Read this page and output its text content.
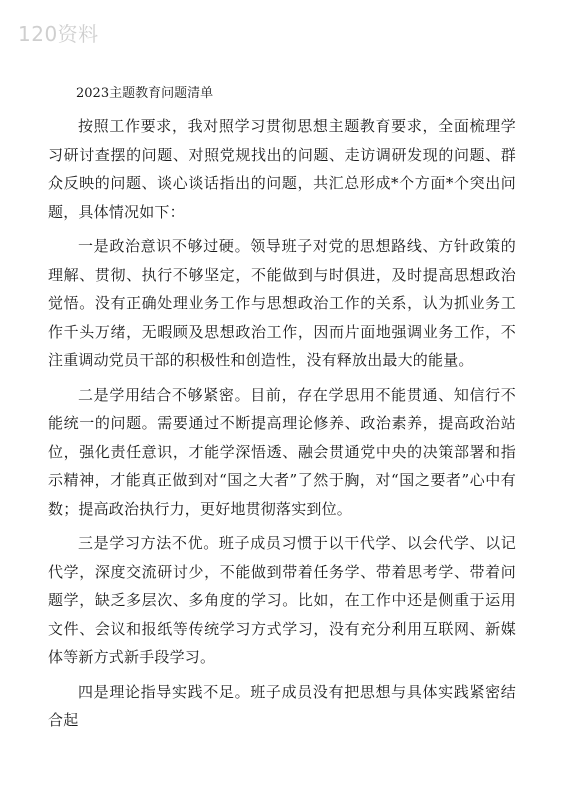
120资料
2023主题教育问题清单

按照工作要求，我对照学习贯彻思想主题教育要求，全面梳理学习研讨查摆的问题、对照党规找出的问题、走访调研发现的问题、群众反映的问题、谈心谈话指出的问题，共汇总形成*个方面*个突出问题，具体情况如下：

一是政治意识不够过硬。领导班子对党的思想路线、方针政策的理解、贯彻、执行不够坚定，不能做到与时俱进，及时提高思想政治觉悟。没有正确处理业务工作与思想政治工作的关系，认为抓业务工作千头万绪，无暇顾及思想政治工作，因而片面地强调业务工作，不注重调动党员干部的积极性和创造性，没有释放出最大的能量。

二是学用结合不够紧密。目前，存在学思用不能贯通、知信行不能统一的问题。需要通过不断提高理论修养、政治素养，提高政治站位，强化责任意识，才能学深悟透、融会贯通党中央的决策部署和指示精神，才能真正做到对“国之大者”了然于胸，对“国之要者”心中有数；提高政治执行力，更好地贯彻落实到位。

三是学习方法不优。班子成员习惯于以干代学、以会代学、以记代学，深度交流研讨少，不能做到带着任务学、带着思考学、带着问题学，缺乏多层次、多角度的学习。比如，在工作中还是侧重于运用文件、会议和报纸等传统学习方式学习，没有充分利用互联网、新媒体等新方式新手段学习。

四是理论指导实践不足。班子成员没有把思想与具体实践紧密结合起
